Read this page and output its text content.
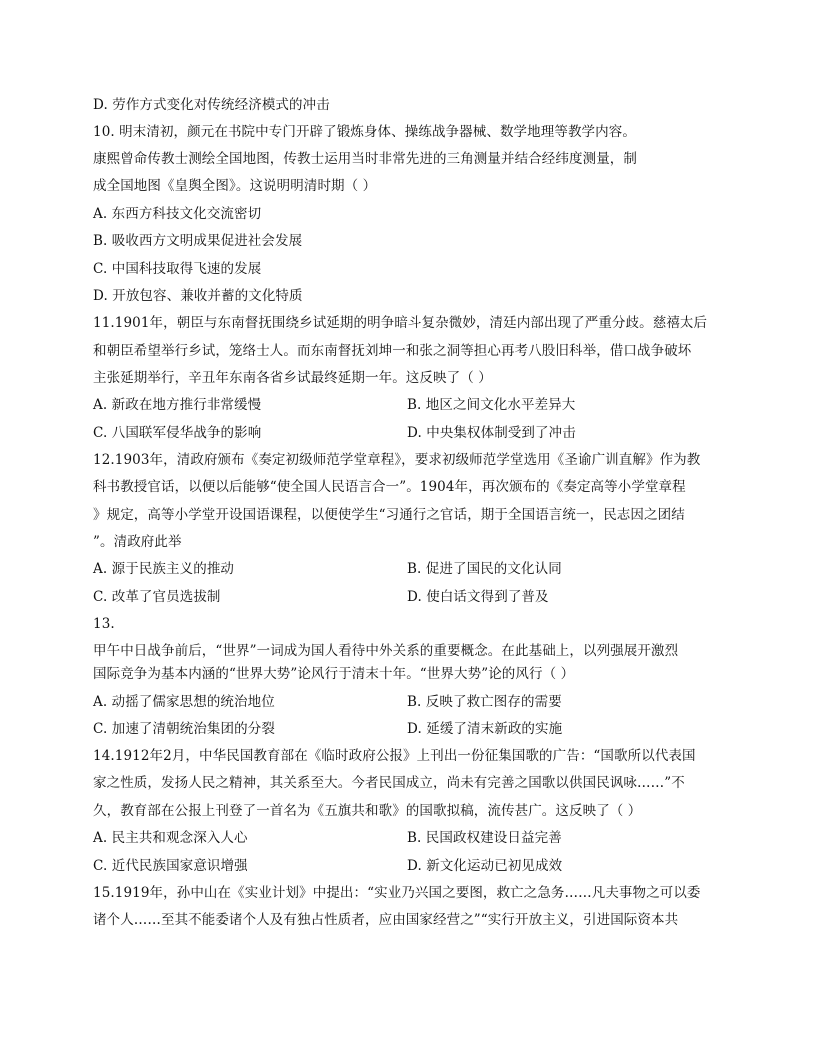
D. 劳作方式变化对传统经济模式的冲击
10. 明末清初，颜元在书院中专门开辟了锻炼身体、操练战争器械、数学地理等教学内容。
康熙曾命传教士测绘全国地图，传教士运用当时非常先进的三角测量并结合经纬度测量，制
成全国地图《皇舆全图》。这说明明清时期（ ）
A. 东西方科技文化交流密切
B. 吸收西方文明成果促进社会发展
C. 中国科技取得飞速的发展
D. 开放包容、兼收并蓄的文化特质
11.1901年，朝臣与东南督抚围绕乡试延期的明争暗斗复杂微妙，清廷内部出现了严重分歧。慈禧太后
和朝臣希望举行乡试，笼络士人。而东南督抚刘坤一和张之洞等担心再考八股旧科举，借口战争破坏
主张延期举行，辛丑年东南各省乡试最终延期一年。这反映了（ ）
A. 新政在地方推行非常缓慢	B. 地区之间文化水平差异大
C. 八国联军侵华战争的影响	D. 中央集权体制受到了冲击
12.1903年，清政府颁布《奏定初级师范学堂章程》，要求初级师范学堂选用《圣谕广训直解》作为教
科书教授官话，以便以后能够“使全国人民语言合一”。1904年，再次颁布的《奏定高等小学堂章程
》规定，高等小学堂开设国语课程，以便使学生“习通行之官话，期于全国语言统一，民志因之团结
”。清政府此举
A. 源于民族主义的推动	B. 促进了国民的文化认同
C. 改革了官员选拔制	D. 使白话文得到了普及
13.
甲午中日战争前后，“世界”一词成为国人看待中外关系的重要概念。在此基础上，以列强展开激烈
国际竞争为基本内涵的“世界大势”论风行于清末十年。“世界大势”论的风行（ ）
A. 动摇了儒家思想的统治地位	B. 反映了救亡图存的需要
C. 加速了清朝统治集团的分裂	D. 延缓了清末新政的实施
14.1912年2月，中华民国教育部在《临时政府公报》上刊出一份征集国歌的广告：“国歌所以代表国
家之性质，发扬人民之精神，其关系至大。今者民国成立，尚未有完善之国歌以供国民讽咏……”不
久，教育部在公报上刊登了一首名为《五旗共和歌》的国歌拟稿，流传甚广。这反映了（ ）
A. 民主共和观念深入人心	B. 民国政权建设日益完善
C. 近代民族国家意识增强	D. 新文化运动已初见成效
15.1919年，孙中山在《实业计划》中提出：“实业乃兴国之要图，救亡之急务……凡夫事物之可以委
诸个人……至其不能委诸个人及有独占性质者，应由国家经营之”“实行开放主义，引进国际资本共
